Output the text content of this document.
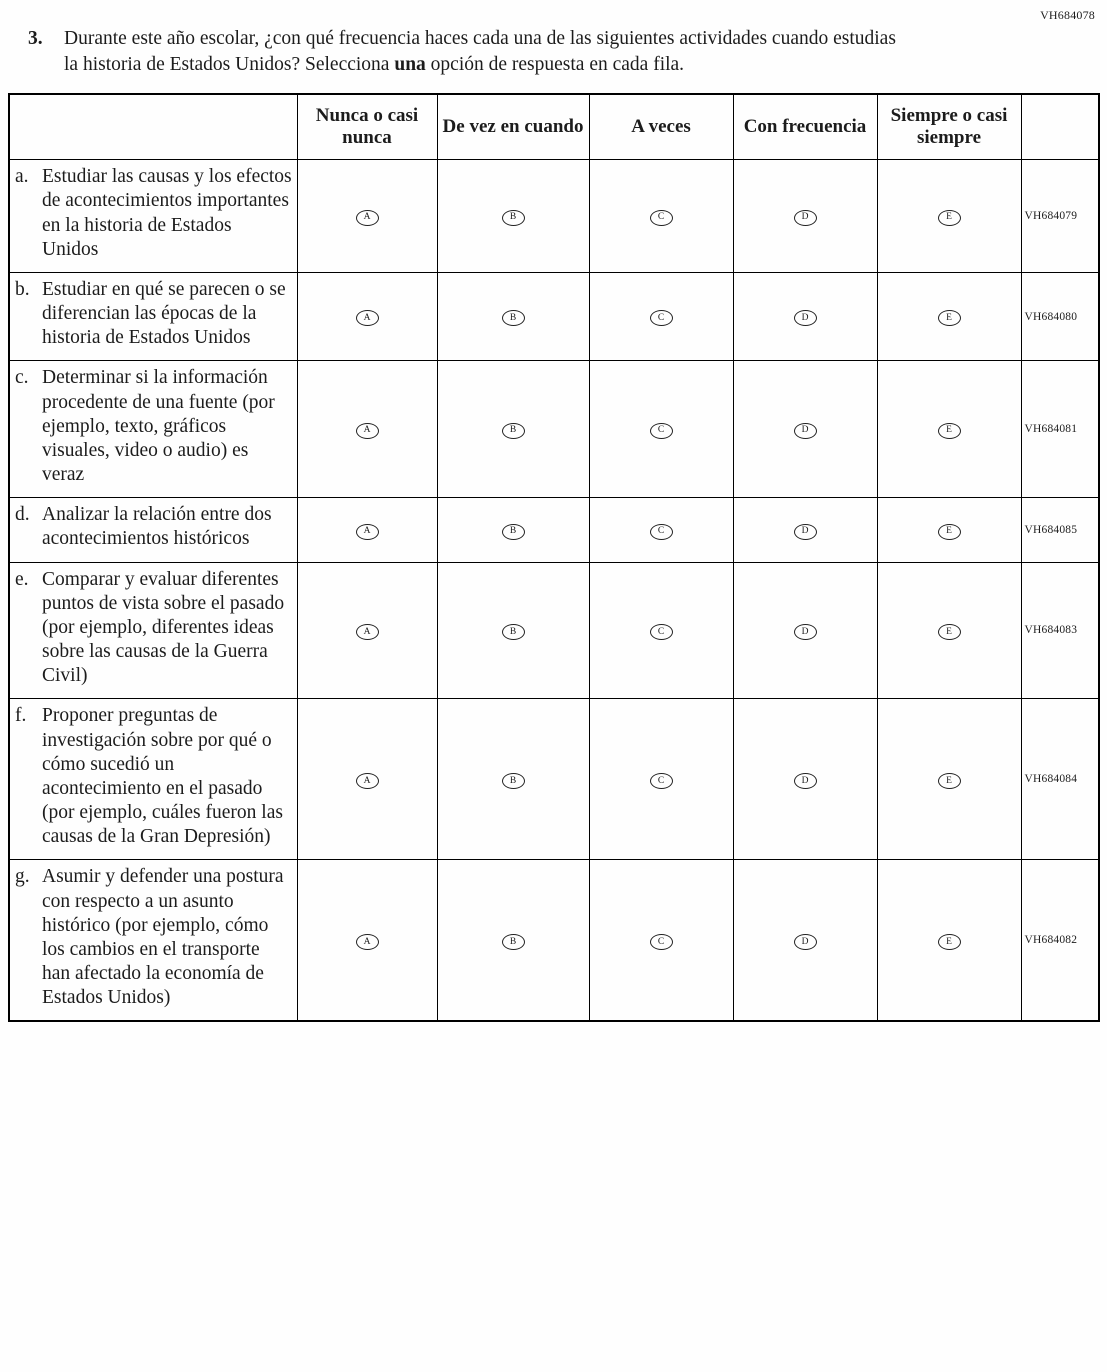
VH684078
3.	Durante este año escolar, ¿con qué frecuencia haces cada una de las siguientes actividades cuando estudias la historia de Estados Unidos? Selecciona una opción de respuesta en cada fila.
	Nunca o casi nunca	De vez en cuando	A veces	Con frecuencia	Siempre o casi siempre	

a. Estudiar las causas y los efectos de acontecimientos importantes en la historia de Estados Unidos	A	B	C	D	E	VH684079

b. Estudiar en qué se parecen o se diferencian las épocas de la historia de Estados Unidos	A	B	C	D	E	VH684080

c. Determinar si la información procedente de una fuente (por ejemplo, texto, gráficos visuales, video o audio) es veraz	A	B	C	D	E	VH684081

d. Analizar la relación entre dos acontecimientos históricos	A	B	C	D	E	VH684085

e. Comparar y evaluar diferentes puntos de vista sobre el pasado (por ejemplo, diferentes ideas sobre las causas de la Guerra Civil)	A	B	C	D	E	VH684083

f. Proponer preguntas de investigación sobre por qué o cómo sucedió un acontecimiento en el pasado (por ejemplo, cuáles fueron las causas de la Gran Depresión)	A	B	C	D	E	VH684084

g. Asumir y defender una postura con respecto a un asunto histórico (por ejemplo, cómo los cambios en el transporte han afectado la economía de Estados Unidos)	A	B	C	D	E	VH684082
